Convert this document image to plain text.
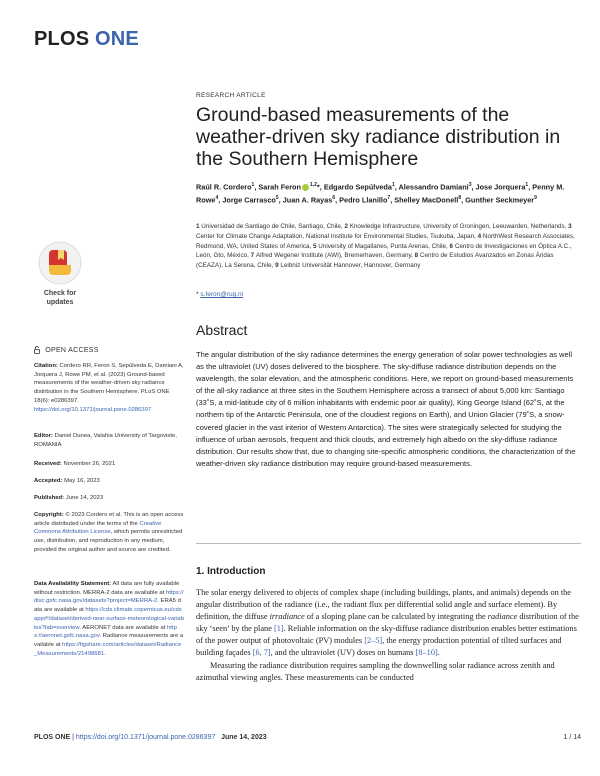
PLOS ONE
Check for
updates
OPEN ACCESS
Citation: Cordero RR, Feron S, Sepúlveda E, Damiani A, Jorquera J, Rowe PM, et al. (2023) Ground-based measurements of the weather-driven sky radiance distribution in the Southern Hemisphere. PLoS ONE 18(6): e0286397. https://doi.org/10.1371/journal.pone.0286397
Editor: Daniel Dunea, Valahia University of Targoviste, ROMANIA
Received: November 26, 2021
Accepted: May 16, 2023
Published: June 14, 2023
Copyright: © 2023 Cordero et al. This is an open access article distributed under the terms of the Creative Commons Attribution License, which permits unrestricted use, distribution, and reproduction in any medium, provided the original author and source are credited.
Data Availability Statement: All data are fully available without restriction. MERRA-2 data are available at https://disc.gsfc.nasa.gov/datasets?project=MERRA-2. ERA5 data are available at https://cds.climate.copernicus.eu/cdsapp#!/dataset/derived-near-surface-meteorological-variables?tab=overview. AERONET data are available at https://aeronet.gsfc.nasa.gov. Radiance measurements are available at https://figshare.com/articles/dataset/Radiance_Measurements/21498681.
RESEARCH ARTICLE
Ground-based measurements of the weather-driven sky radiance distribution in the Southern Hemisphere
Raúl R. Cordero$^1$, Sarah Feron $^{1,2}$*, Edgardo Sepúlveda$^1$, Alessandro Damiani$^3$, Jose Jorquera$^1$, Penny M. Rowe$^4$, Jorge Carrasco$^5$, Juan A. Rayas$^6$, Pedro Llanillo$^7$, Shelley MacDonell$^8$, Gunther Seckmeyer$^9$
1 Universidad de Santiago de Chile, Santiago, Chile, 2 Knowledge Infrastructure, University of Groningen, Leeuwarden, Netherlands, 3 Center for Climate Change Adaptation, National Institute for Environmental Studies, Tsukuba, Japan, 4 NorthWest Research Associates, Redmond, WA, United States of America, 5 University of Magallanes, Punta Arenas, Chile, 6 Centro de Investigaciones en Óptica A.C., León, Gto, México, 7 Alfred Wegener Institute (AWI), Bremerhaven, Germany, 8 Centro de Estudios Avanzados en Zonas Áridas (CEAZA), La Serena, Chile, 9 Leibniz Universität Hannover, Hannover, Germany
* s.feron@rug.nl
Abstract

The angular distribution of the sky radiance determines the energy generation of solar power technologies as well as the ultraviolet (UV) doses delivered to the biosphere. The sky-diffuse radiance distribution depends on the wavelength, the solar elevation, and the atmospheric conditions. Here, we report on ground-based measurements of the all-sky radiance at three sites in the Southern Hemisphere across a transect of about 5,000 km: Santiago (33˚S, a mid-latitude city of 6 million inhabitants with endemic poor air quality), King George Island (62˚S, at the northern tip of the Antarctic Peninsula, one of the cloudiest regions on Earth), and Union Glacier (79˚S, a snow-covered glacier in the vast interior of Western Antarctica). The sites were strategically selected for studying the influence of urban aerosols, frequent and thick clouds, and extremely high albedo on the sky-diffuse radiance distribution. Our results show that, due to changing site-specific atmospheric conditions, the characterization of the weather-driven sky radiance distribution may require ground-based measurements.

1. Introduction

The solar energy delivered to objects of complex shape (including buildings, plants, and animals) depends on the angular distribution of the radiance (i.e., the radiant flux per differential solid angle and surface element). By definition, the diffuse irradiance of a sloping plane can be calculated by integrating the radiance distribution of the sky ‘seen’ by the plane [1]. Reliable information on the sky-diffuse radiance distribution enables better estimations of the power output of photovoltaic (PV) modules [2–5], the energy production potential of tilted surfaces and building façades [6, 7], and the ultraviolet (UV) doses on humans [8–10].

Measuring the radiance distribution requires sampling the downwelling solar radiance across zenith and azimuthal viewing angles. These measurements can be conducted

PLOS ONE | https://doi.org/10.1371/journal.pone.0286397 June 14, 2023	1 / 14
